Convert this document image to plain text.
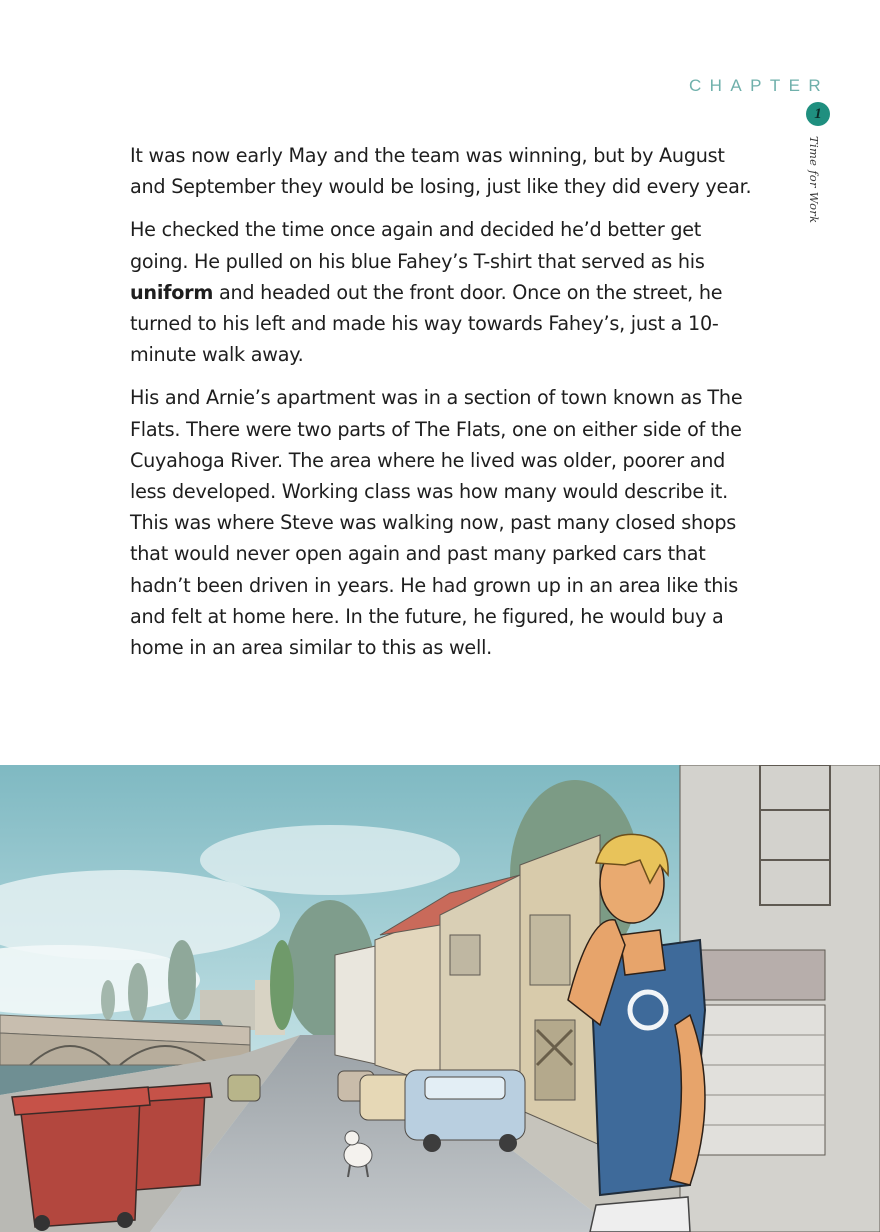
CHAPTER
1
Time for Work

It was now early May and the team was winning, but by August and September they would be losing, just like they did every year.

He checked the time once again and decided he’d better get going. He pulled on his blue Fahey’s T-shirt that served as his uniform and headed out the front door. Once on the street, he turned to his left and made his way towards Fahey’s, just a 10-minute walk away.

His and Arnie’s apartment was in a section of town known as The Flats. There were two parts of The Flats, one on either side of the Cuyahoga River. The area where he lived was older, poorer and less developed. Working class was how many would describe it. This was where Steve was walking now, past many closed shops that would never open again and past many parked cars that hadn’t been driven in years. He had grown up in an area like this and felt at home here. In the future, he figured, he would buy a home in an area similar to this as well.
